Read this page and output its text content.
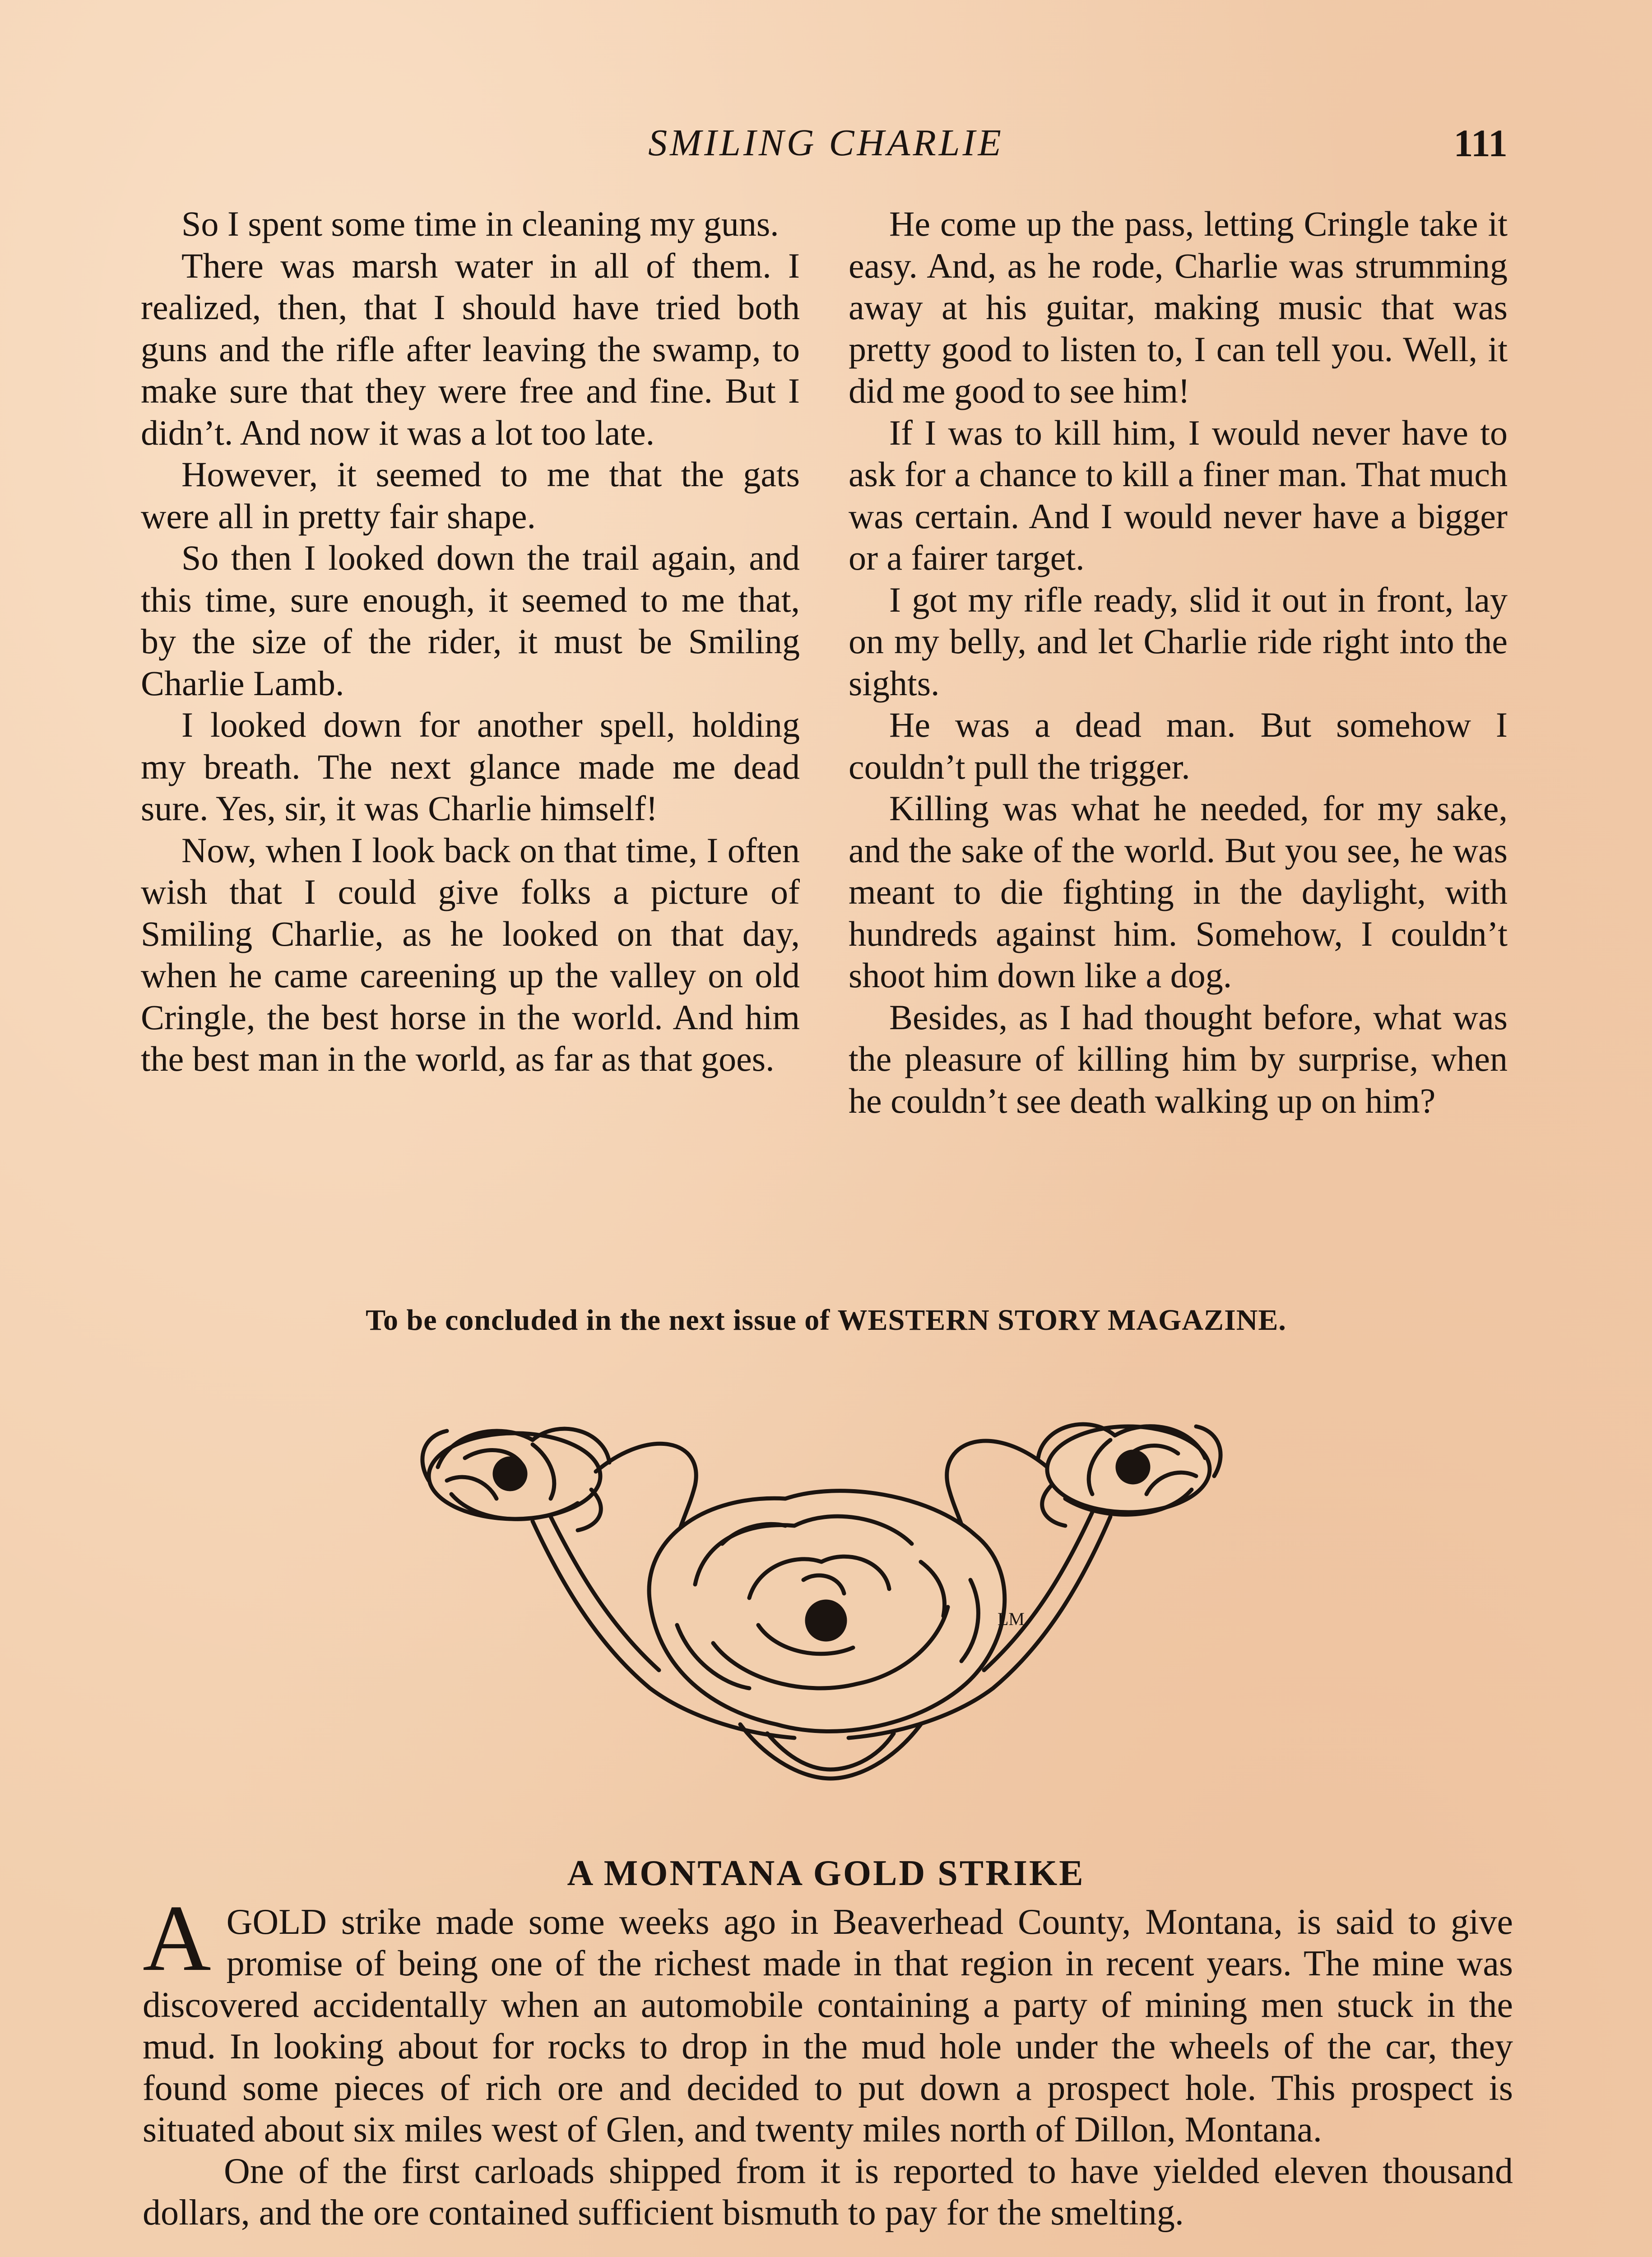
SMILING CHARLIE	111

So I spent some time in cleaning my guns.

There was marsh water in all of them. I realized, then, that I should have tried both guns and the rifle after leaving the swamp, to make sure that they were free and fine. But I didn’t. And now it was a lot too late.

However, it seemed to me that the gats were all in pretty fair shape.

So then I looked down the trail again, and this time, sure enough, it seemed to me that, by the size of the rider, it must be Smiling Charlie Lamb.

I looked down for another spell, holding my breath. The next glance made me dead sure. Yes, sir, it was Charlie himself!

Now, when I look back on that time, I often wish that I could give folks a picture of Smiling Charlie, as he looked on that day, when he came careening up the valley on old Cringle, the best horse in the world. And him the best man in the world, as far as that goes.

He come up the pass, letting Cringle take it easy. And, as he rode, Charlie was strumming away at his guitar, making music that was pretty good to listen to, I can tell you. Well, it did me good to see him!

If I was to kill him, I would never have to ask for a chance to kill a finer man. That much was certain. And I would never have a bigger or a fairer target.

I got my rifle ready, slid it out in front, lay on my belly, and let Charlie ride right into the sights.

He was a dead man. But somehow I couldn’t pull the trigger.

Killing was what he needed, for my sake, and the sake of the world. But you see, he was meant to die fighting in the daylight, with hundreds against him. Somehow, I couldn’t shoot him down like a dog.

Besides, as I had thought before, what was the pleasure of killing him by surprise, when he couldn’t see death walking up on him?

To be concluded in the next issue of WESTERN STORY MAGAZINE.
LM
A MONTANA GOLD STRIKE

AGOLD strike made some weeks ago in Beaverhead County, Montana, is said to give promise of being one of the richest made in that region in recent years. The mine was discovered accidentally when an automobile containing a party of mining men stuck in the mud. In looking about for rocks to drop in the mud hole under the wheels of the car, they found some pieces of rich ore and decided to put down a prospect hole. This prospect is situated about six miles west of Glen, and twenty miles north of Dillon, Montana.

One of the first carloads shipped from it is reported to have yielded eleven thousand dollars, and the ore contained sufficient bismuth to pay for the smelting.
